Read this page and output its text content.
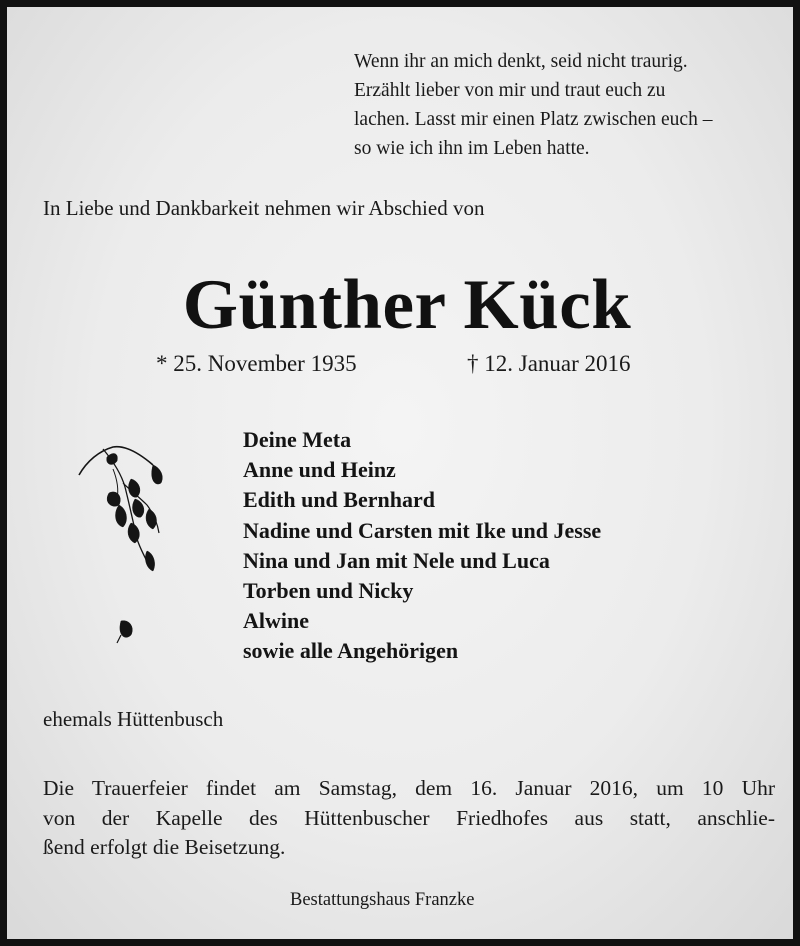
Wenn ihr an mich denkt, seid nicht traurig.
Erzählt lieber von mir und traut euch zu
lachen. Lasst mir einen Platz zwischen euch –
so wie ich ihn im Leben hatte.
In Liebe und Dankbarkeit nehmen wir Abschied von
Günther Kück
* 25. November 1935	† 12. Januar 2016
Deine Meta
Anne und Heinz
Edith und Bernhard
Nadine und Carsten mit Ike und Jesse
Nina und Jan mit Nele und Luca
Torben und Nicky
Alwine
sowie alle Angehörigen
ehemals Hüttenbusch
Die Trauerfeier findet am Samstag, dem 16. Januar 2016, um 10 Uhr
von der Kapelle des Hüttenbuscher Friedhofes aus statt, anschlie-
ßend erfolgt die Beisetzung.
Bestattungshaus Franzke
